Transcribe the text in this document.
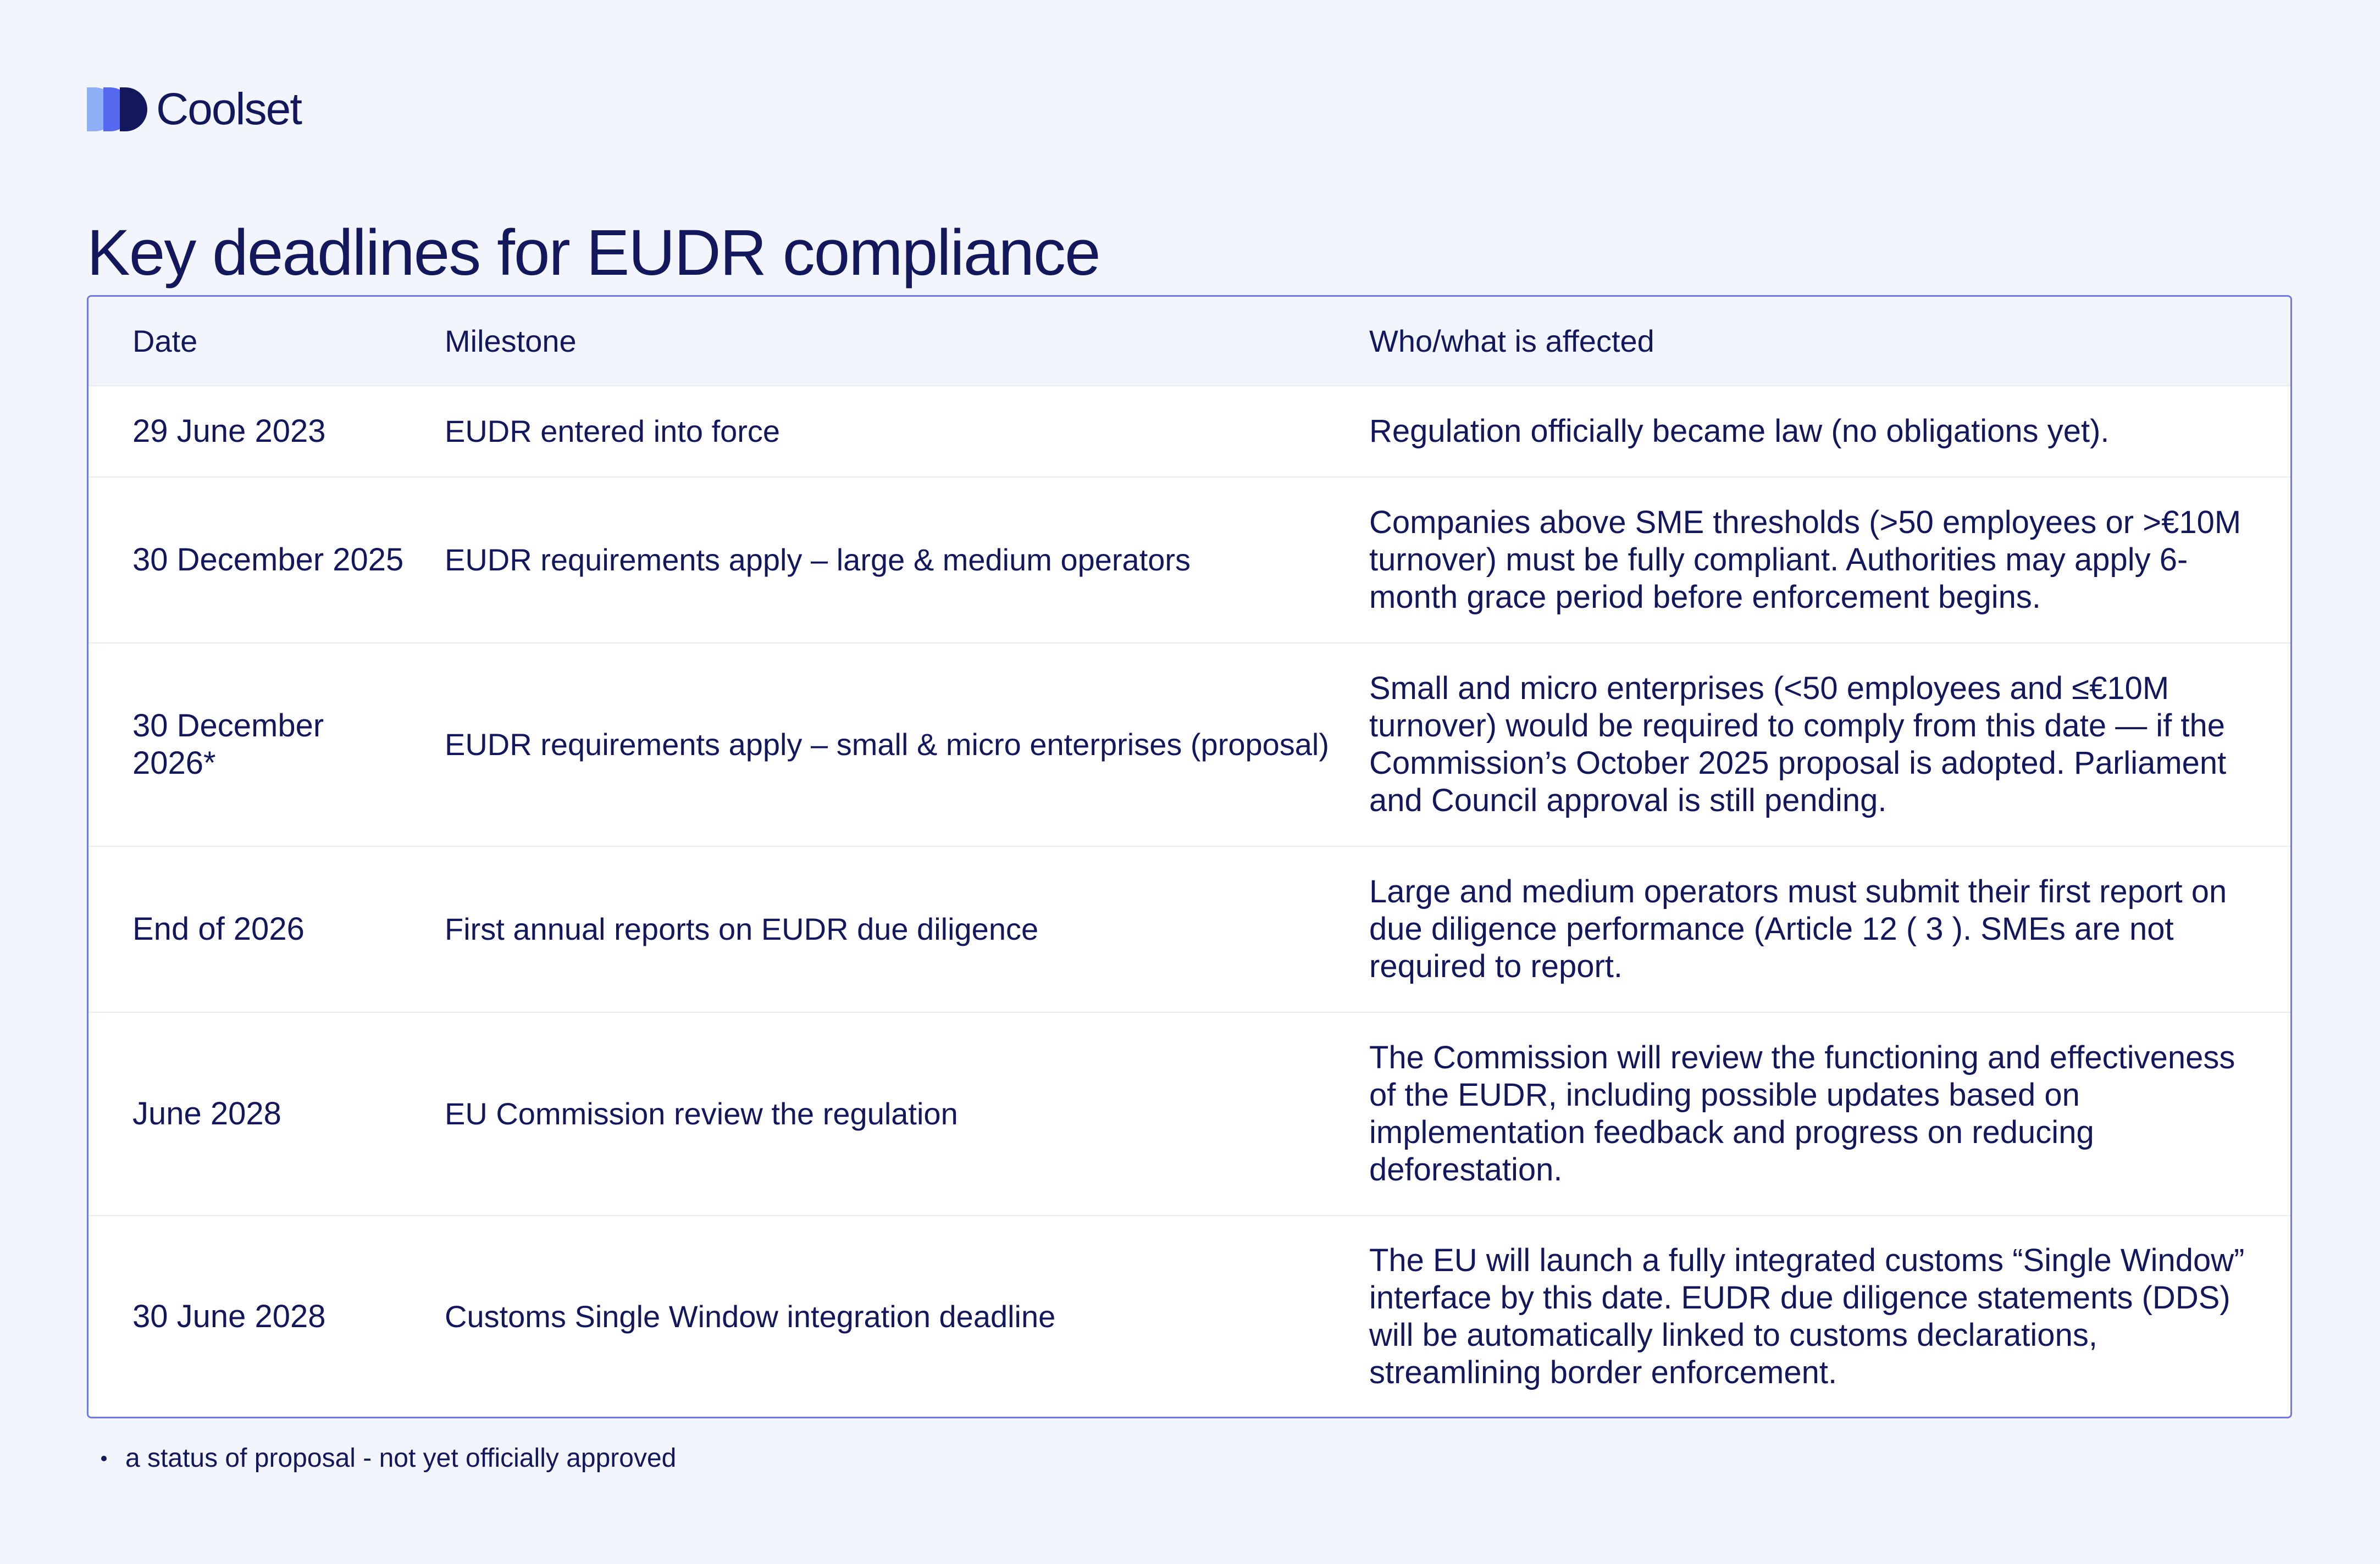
Coolset
Key deadlines for EUDR compliance
Date	Milestone	Who/what is affected
29 June 2023	EUDR entered into force	Regulation officially became law (no obligations yet).
30 December 2025	EUDR requirements apply – large & medium operators	Companies above SME thresholds (>50 employees or >€10M turnover) must be fully compliant. Authorities may apply 6-month grace period before enforcement begins.
30 December 2026*	EUDR requirements apply – small & micro enterprises (proposal)	Small and micro enterprises (<50 employees and ≤€10M turnover) would be required to comply from this date — if the Commission’s October 2025 proposal is adopted. Parliament and Council approval is still pending.
End of 2026	First annual reports on EUDR due diligence	Large and medium operators must submit their first report on due diligence performance (Article 12 ( 3 ). SMEs are not required to report.
June 2028	EU Commission review the regulation	The Commission will review the functioning and effectiveness of the EUDR, including possible updates based on implementation feedback and progress on reducing deforestation.
30 June 2028	Customs Single Window integration deadline	The EU will launch a fully integrated customs “Single Window” interface by this date. EUDR due diligence statements (DDS) will be automatically linked to customs declarations, streamlining border enforcement.
a status of proposal - not yet officially approved
